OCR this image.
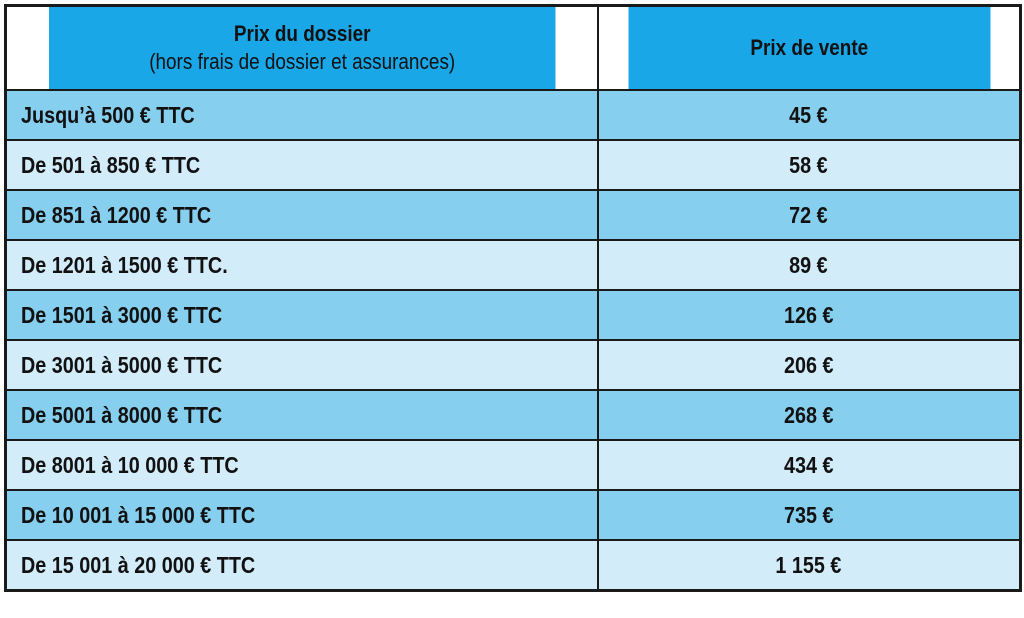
Prix du dossier
(hors frais de dossier et assurances)	Prix de vente
Jusqu’à 500 € TTC	45 €
De 501 à 850 € TTC	58 €
De 851 à 1200 € TTC	72 €
De 1201 à 1500 € TTC.	89 €
De 1501 à 3000 € TTC	126 €
De 3001 à 5000 € TTC	206 €
De 5001 à 8000 € TTC	268 €
De 8001 à 10 000 € TTC	434 €
De 10 001 à 15 000 € TTC	735 €
De 15 001 à 20 000 € TTC	1 155 €
